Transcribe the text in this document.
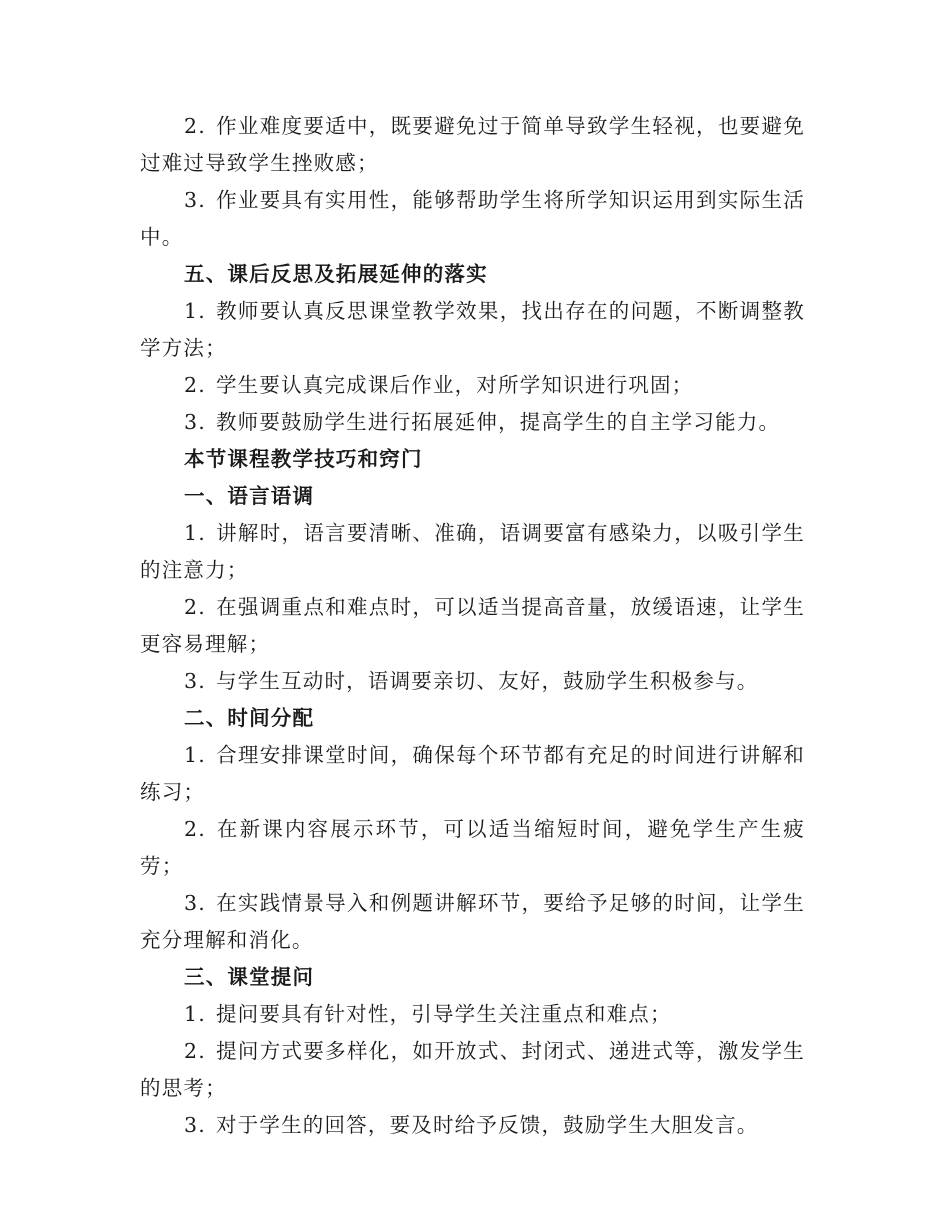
2. 作业难度要适中，既要避免过于简单导致学生轻视，也要避免过难过导致学生挫败感；

3. 作业要具有实用性，能够帮助学生将所学知识运用到实际生活中。

五、课后反思及拓展延伸的落实

1. 教师要认真反思课堂教学效果，找出存在的问题，不断调整教学方法；

2. 学生要认真完成课后作业，对所学知识进行巩固；

3. 教师要鼓励学生进行拓展延伸，提高学生的自主学习能力。

本节课程教学技巧和窍门

一、语言语调

1. 讲解时，语言要清晰、准确，语调要富有感染力，以吸引学生的注意力；

2. 在强调重点和难点时，可以适当提高音量，放缓语速，让学生更容易理解；

3. 与学生互动时，语调要亲切、友好，鼓励学生积极参与。

二、时间分配

1. 合理安排课堂时间，确保每个环节都有充足的时间进行讲解和练习；

2. 在新课内容展示环节，可以适当缩短时间，避免学生产生疲劳；

3. 在实践情景导入和例题讲解环节，要给予足够的时间，让学生充分理解和消化。

三、课堂提问

1. 提问要具有针对性，引导学生关注重点和难点；

2. 提问方式要多样化，如开放式、封闭式、递进式等，激发学生的思考；

3. 对于学生的回答，要及时给予反馈，鼓励学生大胆发言。
